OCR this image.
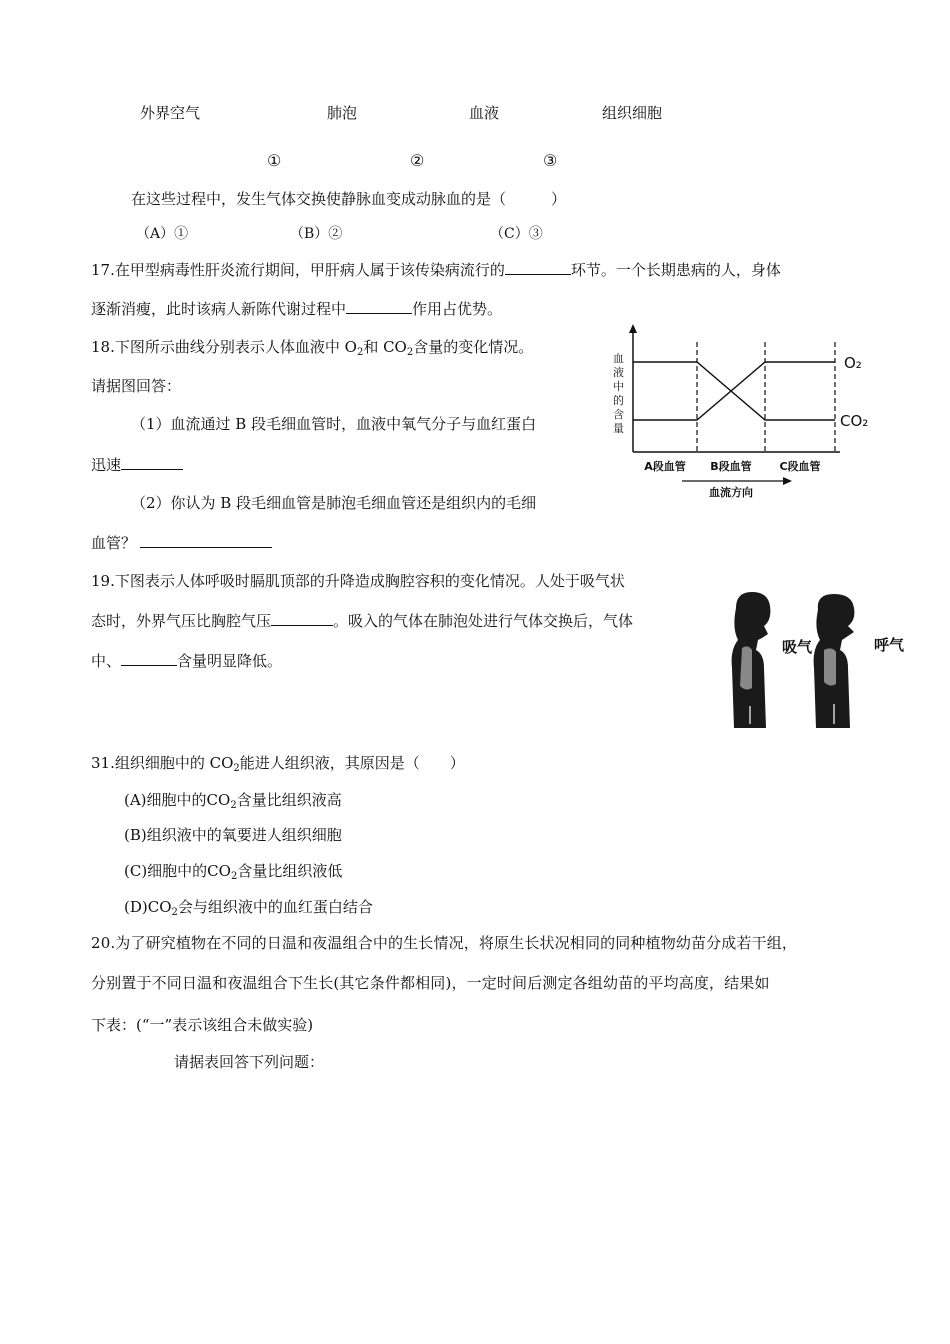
外界空气	肺泡	血液	组织细胞
①	②	③
在这些过程中，发生气体交换使静脉血变成动脉血的是（　　　）
（A）①	（B）②	（C）③
17.在甲型病毒性肝炎流行期间，甲肝病人属于该传染病流行的	环节。一个长期患病的人，身体
逐渐消瘦，此时该病人新陈代谢过程中	作用占优势。
18.下图所示曲线分别表示人体血液中 $O_2$和 $CO_2$含量的变化情况。
请据图回答：
（1）血流通过 B 段毛细血管时，血液中氧气分子与血红蛋白
迅速
（2）你认为 B 段毛细血管是肺泡毛细血管还是组织内的毛细
血管？
血
液
中
的
含
量
O₂
CO₂
A段血管 B段血管	C段血管
血流方向
19.下图表示人体呼吸时膈肌顶部的升降造成胸腔容积的变化情况。人处于吸气状
态时，外界气压比胸腔气压	。吸入的气体在肺泡处进行气体交换后，气体
中、	含量明显降低。
吸气	呼气
31.组织细胞中的 $CO_2$能进人组织液，其原因是（　　）
(A)细胞中的$CO_2$含量比组织液高
(B)组织液中的氧要进人组织细胞
(C)细胞中的$CO_2$含量比组织液低
$(D)CO_2$会与组织液中的血红蛋白结合
20.为了研究植物在不同的日温和夜温组合中的生长情况，将原生长状况相同的同种植物幼苗分成若干组，
分别置于不同日温和夜温组合下生长(其它条件都相同)，一定时间后测定各组幼苗的平均高度，结果如
下表：(“一”表示该组合未做实验)
请据表回答下列问题：
